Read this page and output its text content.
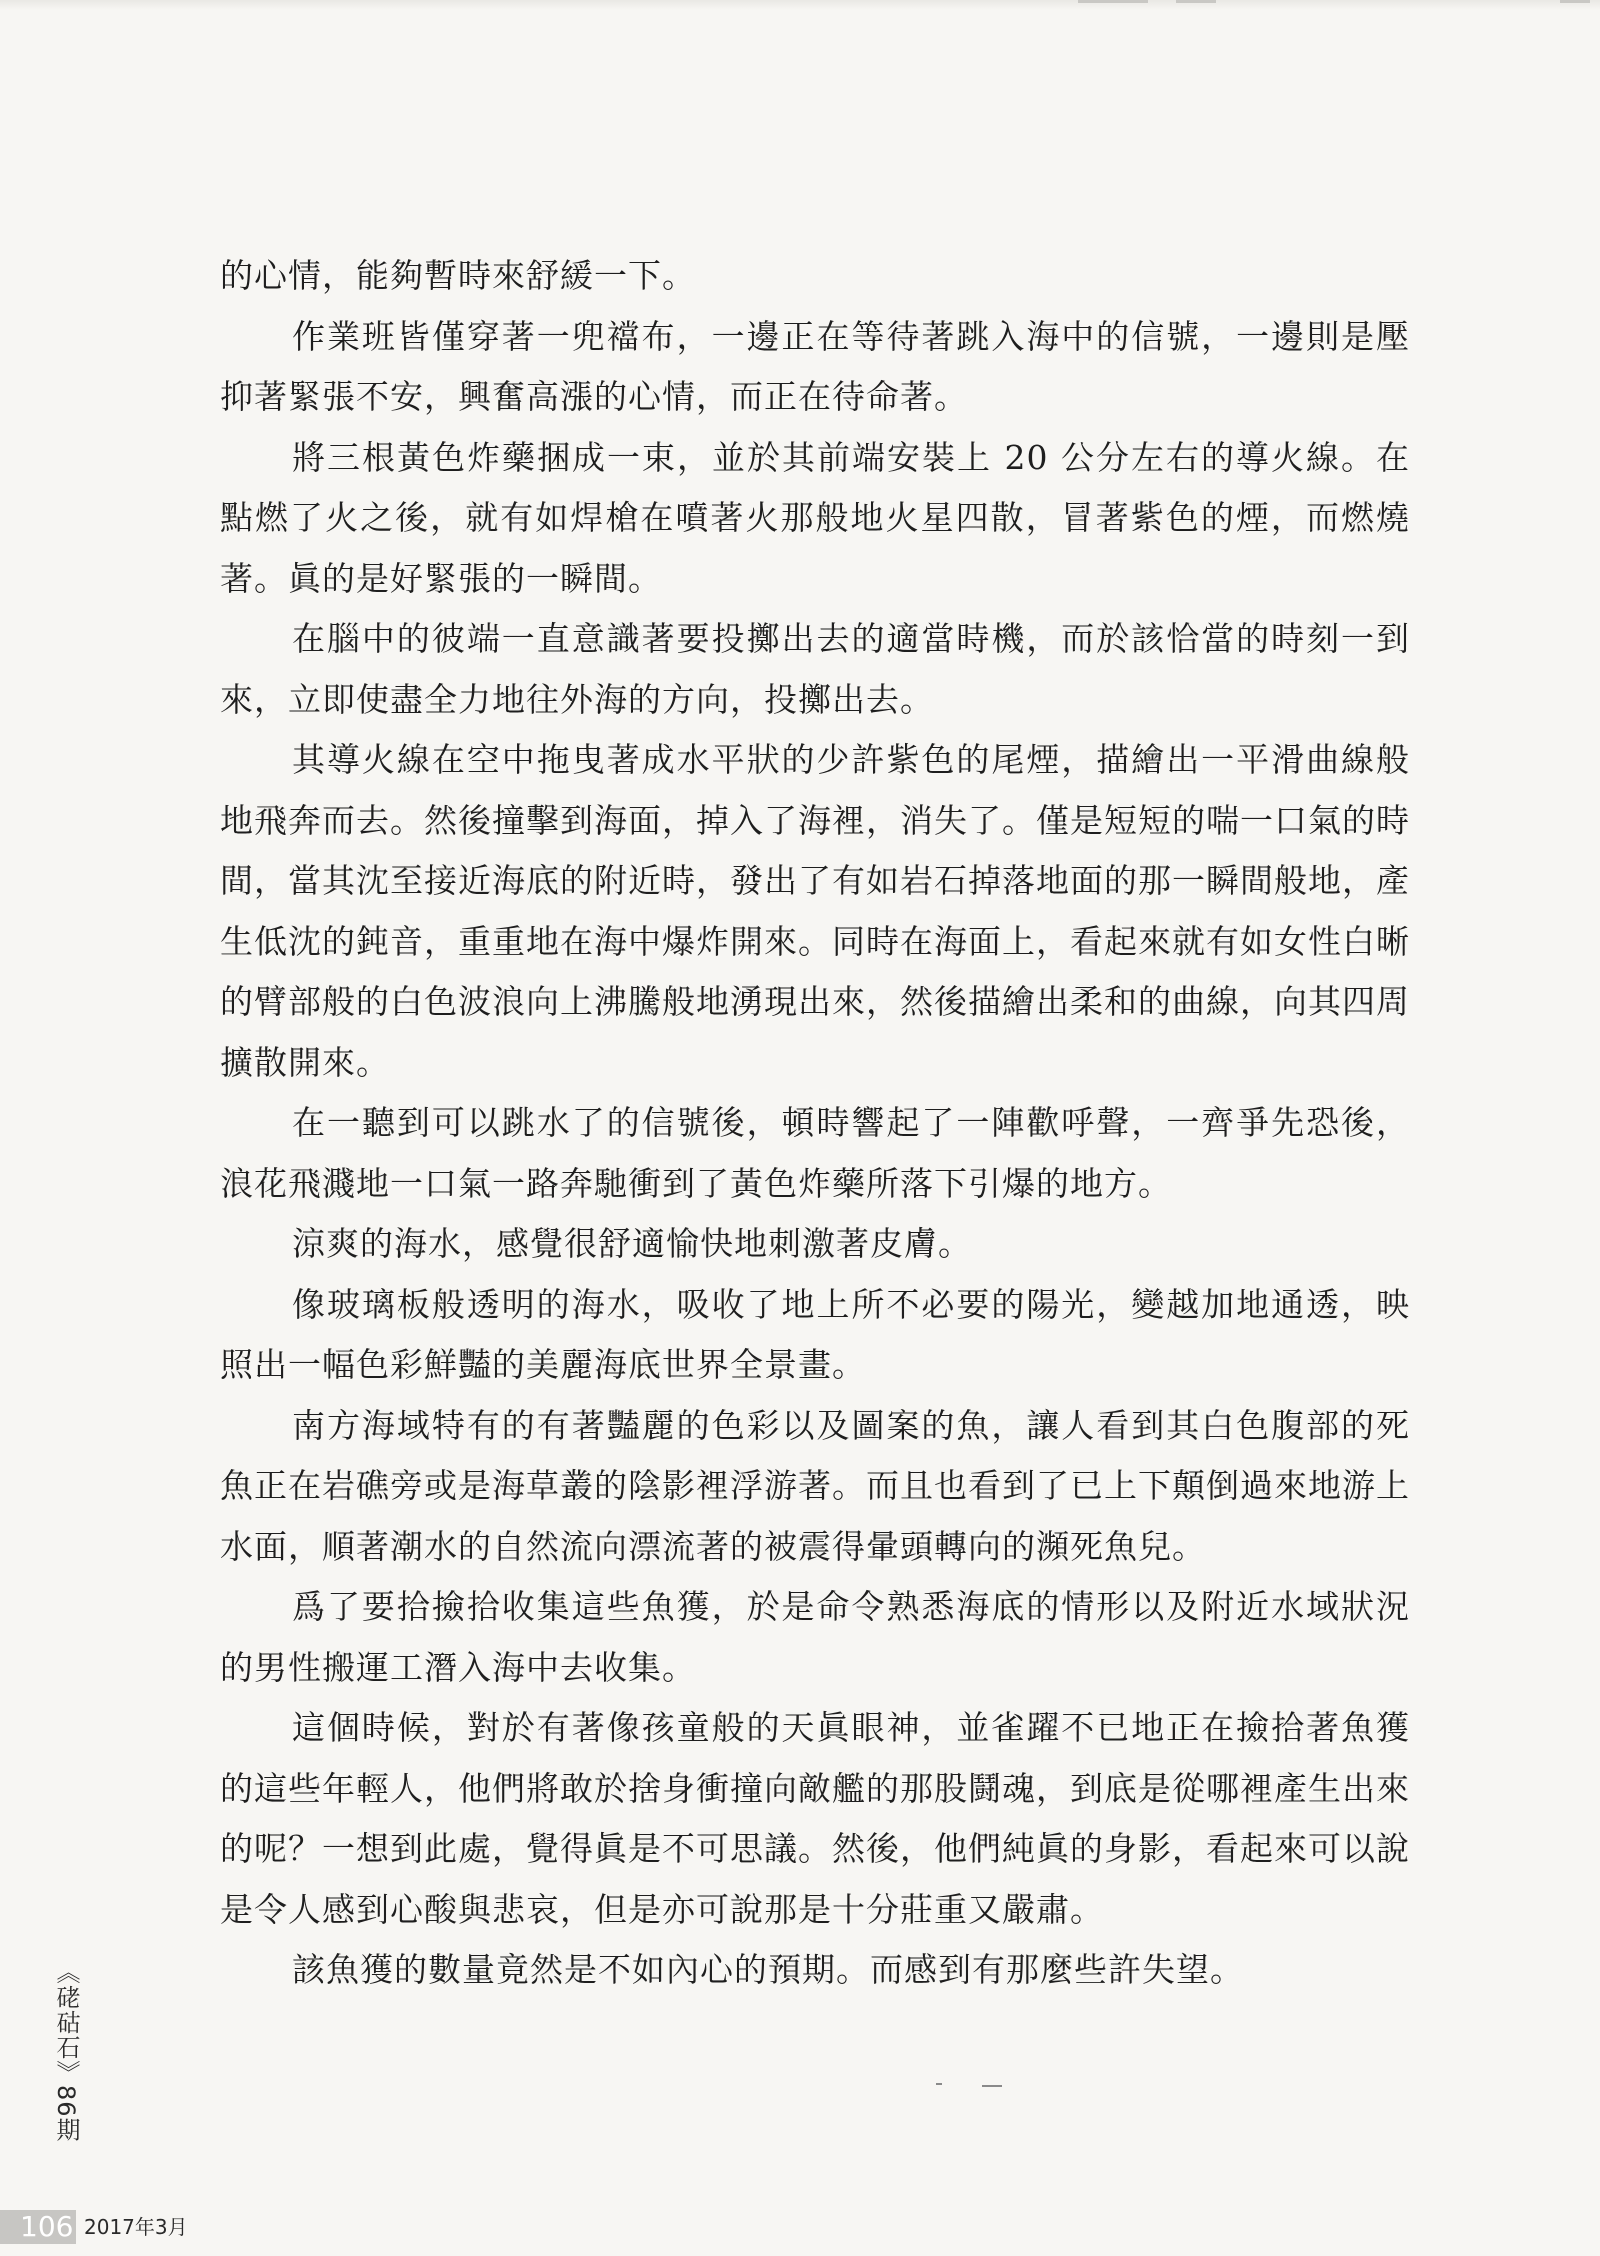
的心情，能夠暫時來舒緩一下。

作業班皆僅穿著一兜襠布，一邊正在等待著跳入海中的信號，一邊則是壓抑著緊張不安，興奮高漲的心情，而正在待命著。

將三根黃色炸藥捆成一束，並於其前端安裝上 20 公分左右的導火線。在點燃了火之後，就有如焊槍在噴著火那般地火星四散，冒著紫色的煙，而燃燒著。眞的是好緊張的一瞬間。

在腦中的彼端一直意識著要投擲出去的適當時機，而於該恰當的時刻一到來，立即使盡全力地往外海的方向，投擲出去。

其導火線在空中拖曳著成水平狀的少許紫色的尾煙，描繪出一平滑曲線般地飛奔而去。然後撞擊到海面，掉入了海裡，消失了。僅是短短的喘一口氣的時間，當其沈至接近海底的附近時，發出了有如岩石掉落地面的那一瞬間般地，產生低沈的鈍音，重重地在海中爆炸開來。同時在海面上，看起來就有如女性白晰的臂部般的白色波浪向上沸騰般地湧現出來，然後描繪出柔和的曲線，向其四周擴散開來。

在一聽到可以跳水了的信號後，頓時響起了一陣歡呼聲，一齊爭先恐後，浪花飛濺地一口氣一路奔馳衝到了黃色炸藥所落下引爆的地方。

涼爽的海水，感覺很舒適愉快地刺激著皮膚。

像玻璃板般透明的海水，吸收了地上所不必要的陽光，變越加地通透，映照出一幅色彩鮮豔的美麗海底世界全景畫。

南方海域特有的有著豔麗的色彩以及圖案的魚，讓人看到其白色腹部的死魚正在岩礁旁或是海草叢的陰影裡浮游著。而且也看到了已上下顛倒過來地游上水面，順著潮水的自然流向漂流著的被震得暈頭轉向的瀕死魚兒。

爲了要拾撿拾收集這些魚獲，於是命令熟悉海底的情形以及附近水域狀況的男性搬運工潛入海中去收集。

這個時候，對於有著像孩童般的天眞眼神，並雀躍不已地正在撿拾著魚獲的這些年輕人，他們將敢於捨身衝撞向敵艦的那股鬪魂，到底是從哪裡產生出來的呢？一想到此處，覺得眞是不可思議。然後，他們純眞的身影，看起來可以說是令人感到心酸與悲哀，但是亦可說那是十分莊重又嚴肅。

該魚獲的數量竟然是不如內心的預期。而感到有那麼些許失望。

《硓𥑮石》86期
106 2017年3月
